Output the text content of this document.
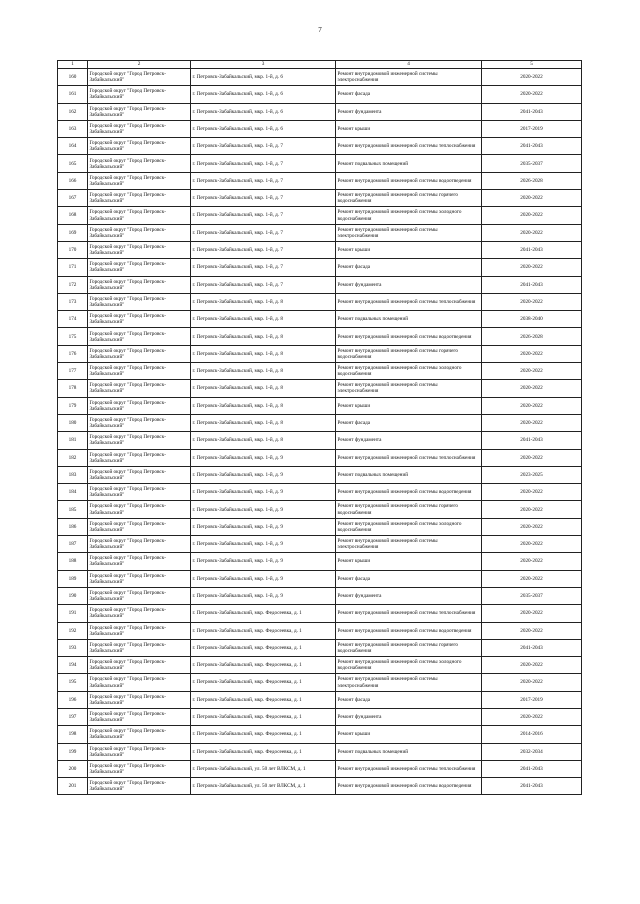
7
1	2	3	4	5
160	Городской округ "Город Петровск-Забайкальский"	г. Петровск-Забайкальский, мкр. 1-й, д. 6	Ремонт внутридомовой инженерной системы электроснабжения	2020-2022
161	Городской округ "Город Петровск-Забайкальский"	г. Петровск-Забайкальский, мкр. 1-й, д. 6	Ремонт фасада	2020-2022
162	Городской округ "Город Петровск-Забайкальский"	г. Петровск-Забайкальский, мкр. 1-й, д. 6	Ремонт фундамента	2041-2043
163	Городской округ "Город Петровск-Забайкальский"	г. Петровск-Забайкальский, мкр. 1-й, д. 6	Ремонт крыши	2017-2019
164	Городской округ "Город Петровск-Забайкальский"	г. Петровск-Забайкальский, мкр. 1-й, д. 7	Ремонт внутридомовой инженерной системы теплоснабжения	2041-2043
165	Городской округ "Город Петровск-Забайкальский"	г. Петровск-Забайкальский, мкр. 1-й, д. 7	Ремонт подвальных помещений	2035-2037
166	Городской округ "Город Петровск-Забайкальский"	г. Петровск-Забайкальский, мкр. 1-й, д. 7	Ремонт внутридомовой инженерной системы водоотведения	2026-2028
167	Городской округ "Город Петровск-Забайкальский"	г. Петровск-Забайкальский, мкр. 1-й, д. 7	Ремонт внутридомовой инженерной системы горячего водоснабжения	2020-2022
168	Городской округ "Город Петровск-Забайкальский"	г. Петровск-Забайкальский, мкр. 1-й, д. 7	Ремонт внутридомовой инженерной системы холодного водоснабжения	2020-2022
169	Городской округ "Город Петровск-Забайкальский"	г. Петровск-Забайкальский, мкр. 1-й, д. 7	Ремонт внутридомовой инженерной системы электроснабжения	2020-2022
170	Городской округ "Город Петровск-Забайкальский"	г. Петровск-Забайкальский, мкр. 1-й, д. 7	Ремонт крыши	2041-2043
171	Городской округ "Город Петровск-Забайкальский"	г. Петровск-Забайкальский, мкр. 1-й, д. 7	Ремонт фасада	2020-2022
172	Городской округ "Город Петровск-Забайкальский"	г. Петровск-Забайкальский, мкр. 1-й, д. 7	Ремонт фундамента	2041-2043
173	Городской округ "Город Петровск-Забайкальский"	г. Петровск-Забайкальский, мкр. 1-й, д. 8	Ремонт внутридомовой инженерной системы теплоснабжения	2020-2022
174	Городской округ "Город Петровск-Забайкальский"	г. Петровск-Забайкальский, мкр. 1-й, д. 8	Ремонт подвальных помещений	2038-2040
175	Городской округ "Город Петровск-Забайкальский"	г. Петровск-Забайкальский, мкр. 1-й, д. 8	Ремонт внутридомовой инженерной системы водоотведения	2026-2028
176	Городской округ "Город Петровск-Забайкальский"	г. Петровск-Забайкальский, мкр. 1-й, д. 8	Ремонт внутридомовой инженерной системы горячего водоснабжения	2020-2022
177	Городской округ "Город Петровск-Забайкальский"	г. Петровск-Забайкальский, мкр. 1-й, д. 8	Ремонт внутридомовой инженерной системы холодного водоснабжения	2020-2022
178	Городской округ "Город Петровск-Забайкальский"	г. Петровск-Забайкальский, мкр. 1-й, д. 8	Ремонт внутридомовой инженерной системы электроснабжения	2020-2022
179	Городской округ "Город Петровск-Забайкальский"	г. Петровск-Забайкальский, мкр. 1-й, д. 8	Ремонт крыши	2020-2022
180	Городской округ "Город Петровск-Забайкальский"	г. Петровск-Забайкальский, мкр. 1-й, д. 8	Ремонт фасада	2020-2022
181	Городской округ "Город Петровск-Забайкальский"	г. Петровск-Забайкальский, мкр. 1-й, д. 8	Ремонт фундамента	2041-2043
182	Городской округ "Город Петровск-Забайкальский"	г. Петровск-Забайкальский, мкр. 1-й, д. 9	Ремонт внутридомовой инженерной системы теплоснабжения	2020-2022
183	Городской округ "Город Петровск-Забайкальский"	г. Петровск-Забайкальский, мкр. 1-й, д. 9	Ремонт подвальных помещений	2023-2025
184	Городской округ "Город Петровск-Забайкальский"	г. Петровск-Забайкальский, мкр. 1-й, д. 9	Ремонт внутридомовой инженерной системы водоотведения	2020-2022
185	Городской округ "Город Петровск-Забайкальский"	г. Петровск-Забайкальский, мкр. 1-й, д. 9	Ремонт внутридомовой инженерной системы горячего водоснабжения	2020-2022
186	Городской округ "Город Петровск-Забайкальский"	г. Петровск-Забайкальский, мкр. 1-й, д. 9	Ремонт внутридомовой инженерной системы холодного водоснабжения	2020-2022
187	Городской округ "Город Петровск-Забайкальский"	г. Петровск-Забайкальский, мкр. 1-й, д. 9	Ремонт внутридомовой инженерной системы электроснабжения	2020-2022
188	Городской округ "Город Петровск-Забайкальский"	г. Петровск-Забайкальский, мкр. 1-й, д. 9	Ремонт крыши	2020-2022
189	Городской округ "Город Петровск-Забайкальский"	г. Петровск-Забайкальский, мкр. 1-й, д. 9	Ремонт фасада	2020-2022
190	Городской округ "Город Петровск-Забайкальский"	г. Петровск-Забайкальский, мкр. 1-й, д. 9	Ремонт фундамента	2035-2037
191	Городской округ "Город Петровск-Забайкальский"	г. Петровск-Забайкальский, мкр. Федосеевка, д. 1	Ремонт внутридомовой инженерной системы теплоснабжения	2020-2022
192	Городской округ "Город Петровск-Забайкальский"	г. Петровск-Забайкальский, мкр. Федосеевка, д. 1	Ремонт внутридомовой инженерной системы водоотведения	2020-2022
193	Городской округ "Город Петровск-Забайкальский"	г. Петровск-Забайкальский, мкр. Федосеевка, д. 1	Ремонт внутридомовой инженерной системы горячего водоснабжения	2041-2043
194	Городской округ "Город Петровск-Забайкальский"	г. Петровск-Забайкальский, мкр. Федосеевка, д. 1	Ремонт внутридомовой инженерной системы холодного водоснабжения	2020-2022
195	Городской округ "Город Петровск-Забайкальский"	г. Петровск-Забайкальский, мкр. Федосеевка, д. 1	Ремонт внутридомовой инженерной системы электроснабжения	2020-2022
196	Городской округ "Город Петровск-Забайкальский"	г. Петровск-Забайкальский, мкр. Федосеевка, д. 1	Ремонт фасада	2017-2019
197	Городской округ "Город Петровск-Забайкальский"	г. Петровск-Забайкальский, мкр. Федосеевка, д. 1	Ремонт фундамента	2020-2022
198	Городской округ "Город Петровск-Забайкальский"	г. Петровск-Забайкальский, мкр. Федосеевка, д. 1	Ремонт крыши	2014-2016
199	Городской округ "Город Петровск-Забайкальский"	г. Петровск-Забайкальский, мкр. Федосеевка, д. 1	Ремонт подвальных помещений	2032-2034
200	Городской округ "Город Петровск-Забайкальский"	г. Петровск-Забайкальский, ул. 50 лет ВЛКСМ, д. 1	Ремонт внутридомовой инженерной системы теплоснабжения	2041-2043
201	Городской округ "Город Петровск-Забайкальский"	г. Петровск-Забайкальский, ул. 50 лет ВЛКСМ, д. 1	Ремонт внутридомовой инженерной системы водоотведения	2041-2043
